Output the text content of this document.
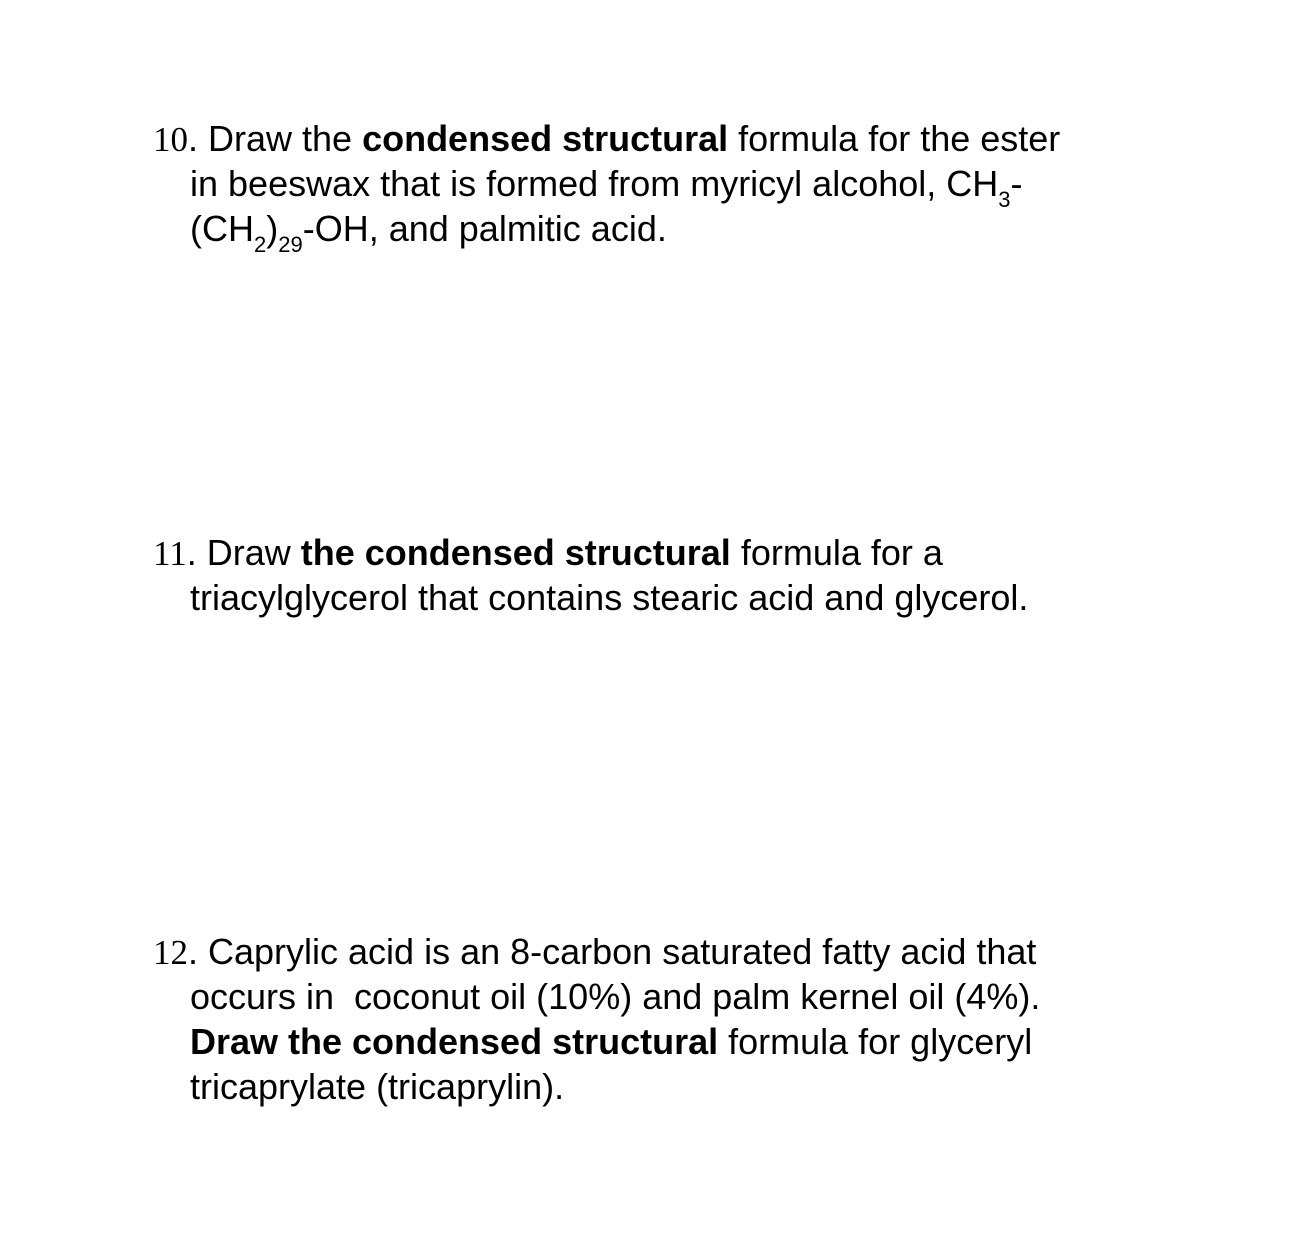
10. Draw the condensed structural formula for the ester
in beeswax that is formed from myricyl alcohol, $CH_3-$
$(CH_2)_{29}-OH$, and palmitic acid.
11. Draw the condensed structural formula for a
triacylglycerol that contains stearic acid and glycerol.
12. Caprylic acid is an 8-carbon saturated fatty acid that
occurs in  coconut oil (10%) and palm kernel oil (4%).
Draw the condensed structural formula for glyceryl
tricaprylate (tricaprylin).
